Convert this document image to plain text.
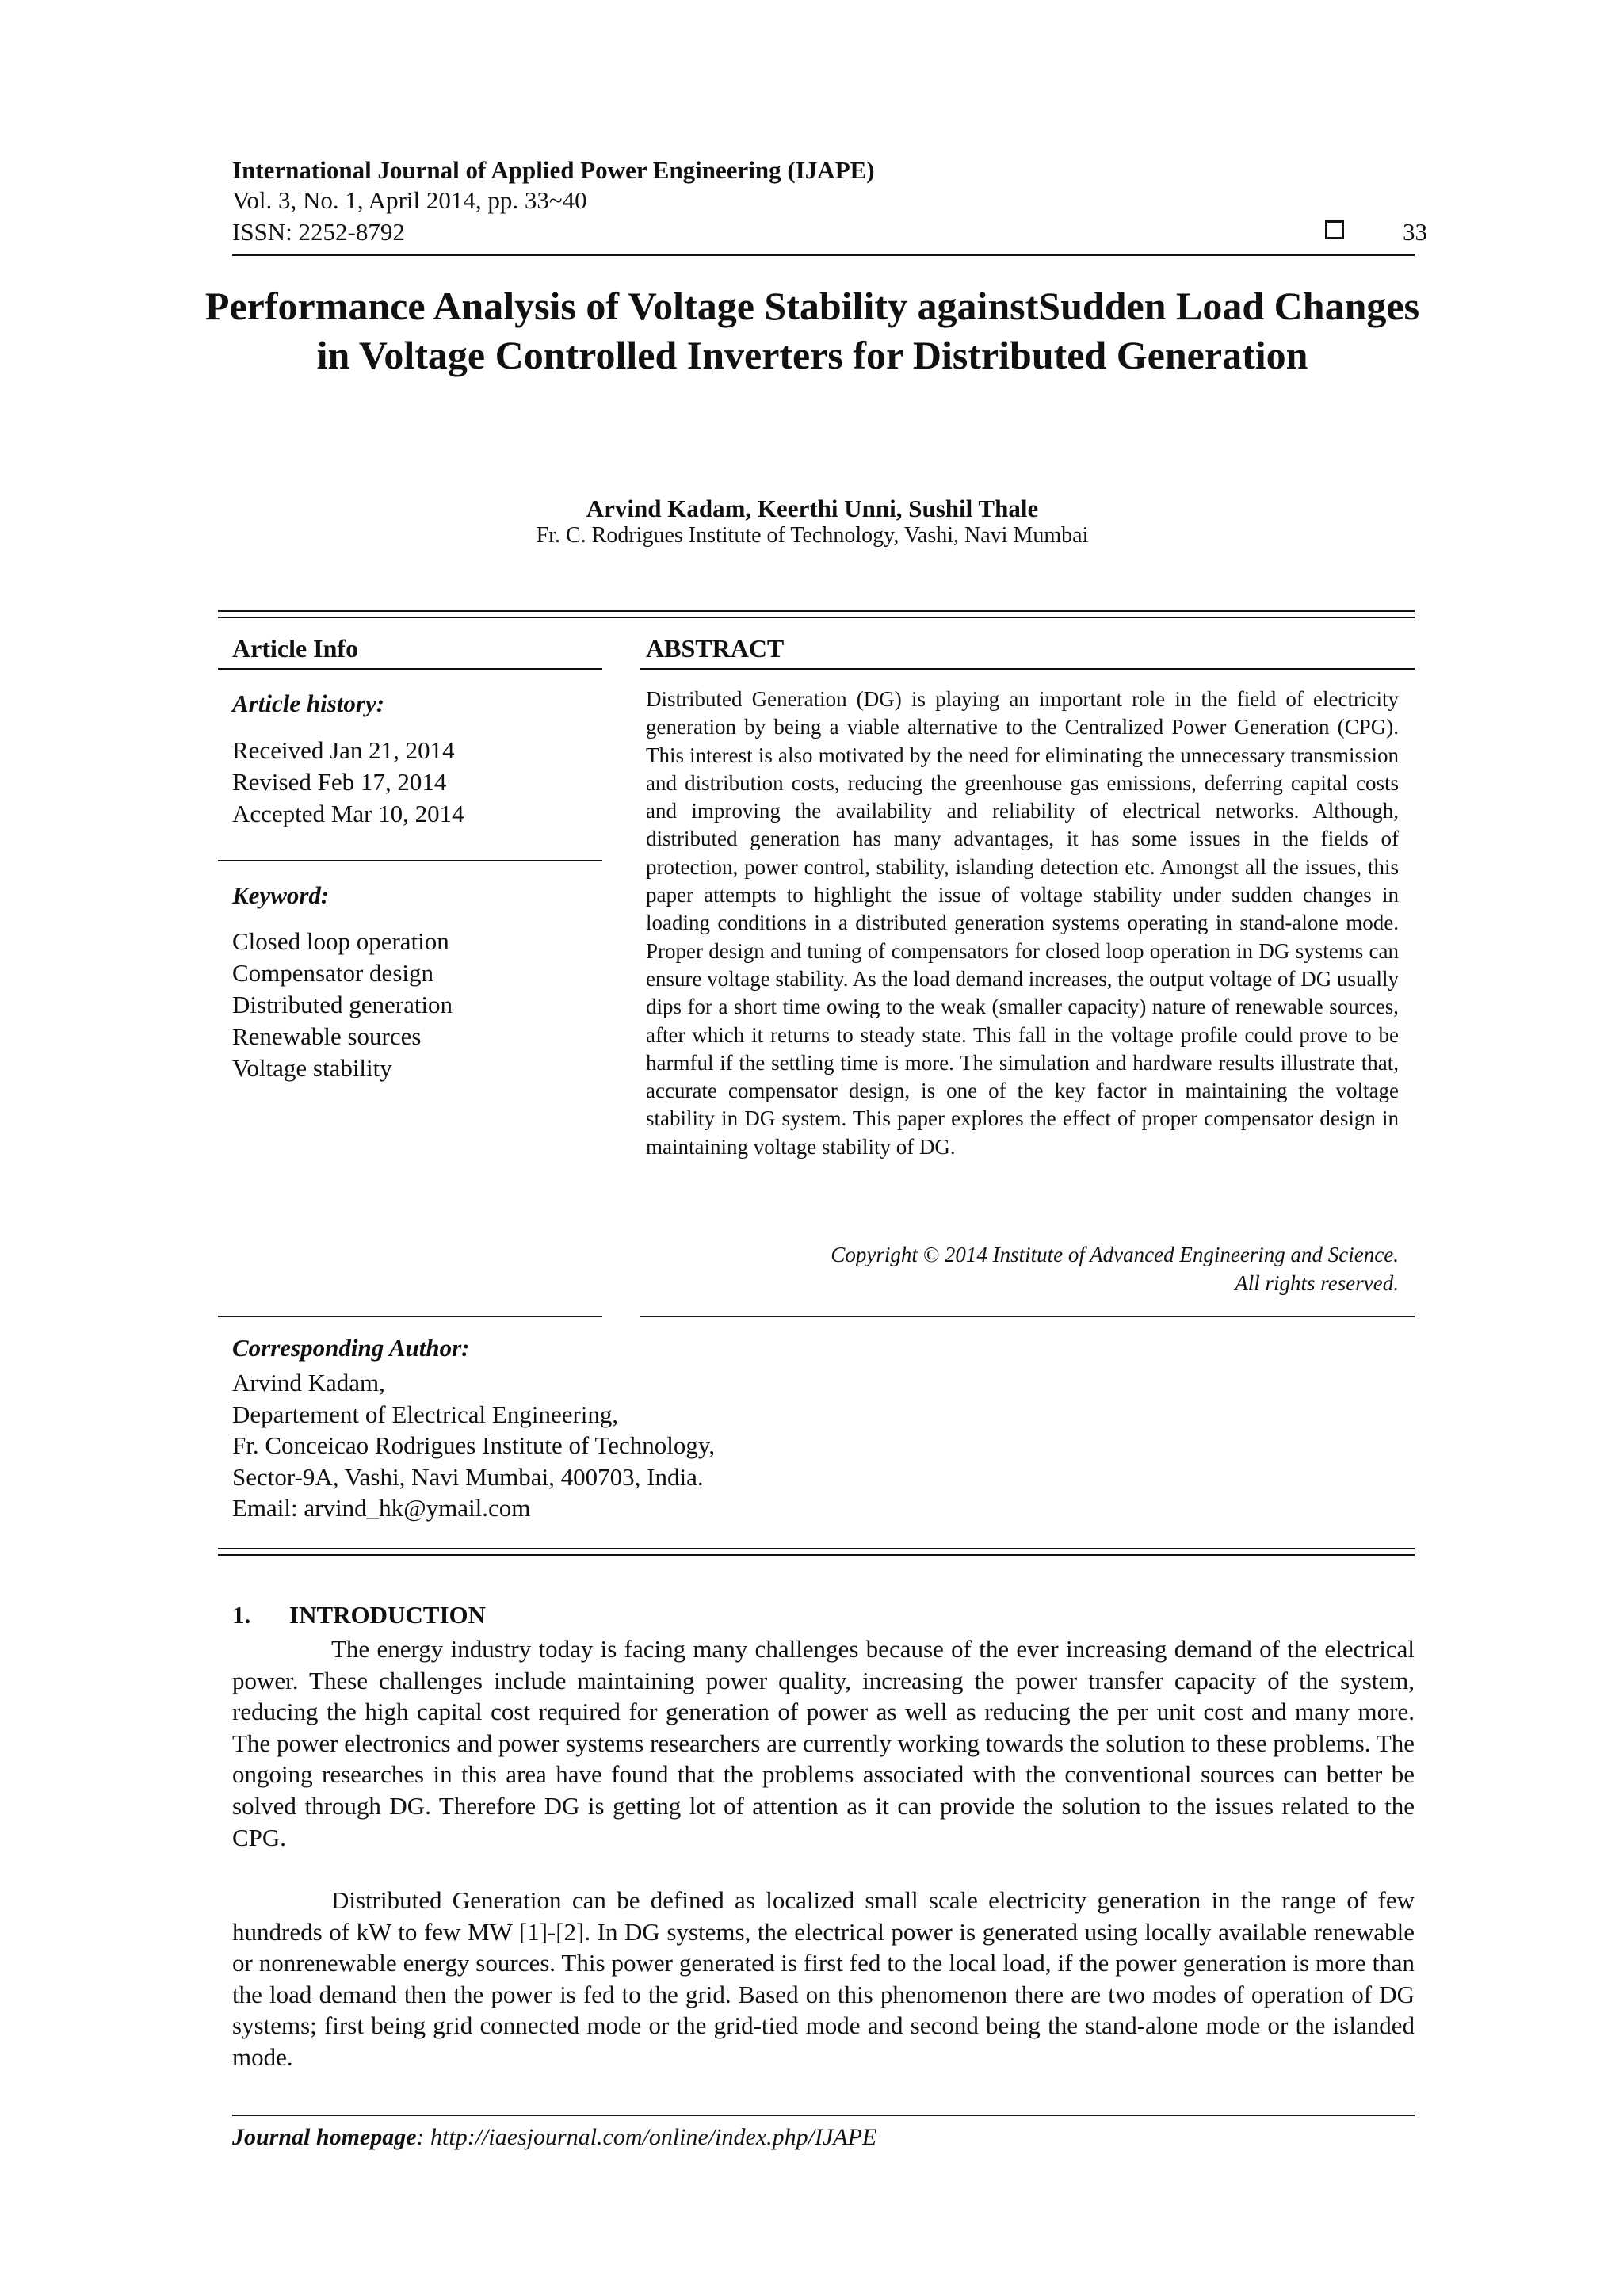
International Journal of Applied Power Engineering (IJAPE)
Vol. 3, No. 1, April 2014, pp. 33~40
ISSN: 2252-8792	33
Performance Analysis of Voltage Stability againstSudden Load Changes in Voltage Controlled Inverters for Distributed Generation
Arvind Kadam, Keerthi Unni, Sushil Thale
Fr. C. Rodrigues Institute of Technology, Vashi, Navi Mumbai
Article Info
Article history:
Received Jan 21, 2014
Revised Feb 17, 2014
Accepted Mar 10, 2014
Keyword:
Closed loop operation
Compensator design
Distributed generation
Renewable sources
Voltage stability
ABSTRACT
Distributed Generation (DG) is playing an important role in the field of electricity generation by being a viable alternative to the Centralized Power Generation (CPG). This interest is also motivated by the need for eliminating the unnecessary transmission and distribution costs, reducing the greenhouse gas emissions, deferring capital costs and improving the availability and reliability of electrical networks. Although, distributed generation has many advantages, it has some issues in the fields of protection, power control, stability, islanding detection etc. Amongst all the issues, this paper attempts to highlight the issue of voltage stability under sudden changes in loading conditions in a distributed generation systems operating in stand-alone mode. Proper design and tuning of compensators for closed loop operation in DG systems can ensure voltage stability. As the load demand increases, the output voltage of DG usually dips for a short time owing to the weak (smaller capacity) nature of renewable sources, after which it returns to steady state. This fall in the voltage profile could prove to be harmful if the settling time is more. The simulation and hardware results illustrate that, accurate compensator design, is one of the key factor in maintaining the voltage stability in DG system. This paper explores the effect of proper compensator design in maintaining voltage stability of DG.
Copyright © 2014 Institute of Advanced Engineering and Science.
All rights reserved.
Corresponding Author:
Arvind Kadam,
Departement of Electrical Engineering,
Fr. Conceicao Rodrigues Institute of Technology,
Sector-9A, Vashi, Navi Mumbai, 400703, India.
Email: arvind_hk@ymail.com
1. INTRODUCTION
The energy industry today is facing many challenges because of the ever increasing demand of the electrical power. These challenges include maintaining power quality, increasing the power transfer capacity of the system, reducing the high capital cost required for generation of power as well as reducing the per unit cost and many more. The power electronics and power systems researchers are currently working towards the solution to these problems. The ongoing researches in this area have found that the problems associated with the conventional sources can better be solved through DG. Therefore DG is getting lot of attention as it can provide the solution to the issues related to the CPG.
Distributed Generation can be defined as localized small scale electricity generation in the range of few hundreds of kW to few MW [1]-[2]. In DG systems, the electrical power is generated using locally available renewable or nonrenewable energy sources. This power generated is first fed to the local load, if the power generation is more than the load demand then the power is fed to the grid. Based on this phenomenon there are two modes of operation of DG systems; first being grid connected mode or the grid-tied mode and second being the stand-alone mode or the islanded mode.
Journal homepage: http://iaesjournal.com/online/index.php/IJAPE
